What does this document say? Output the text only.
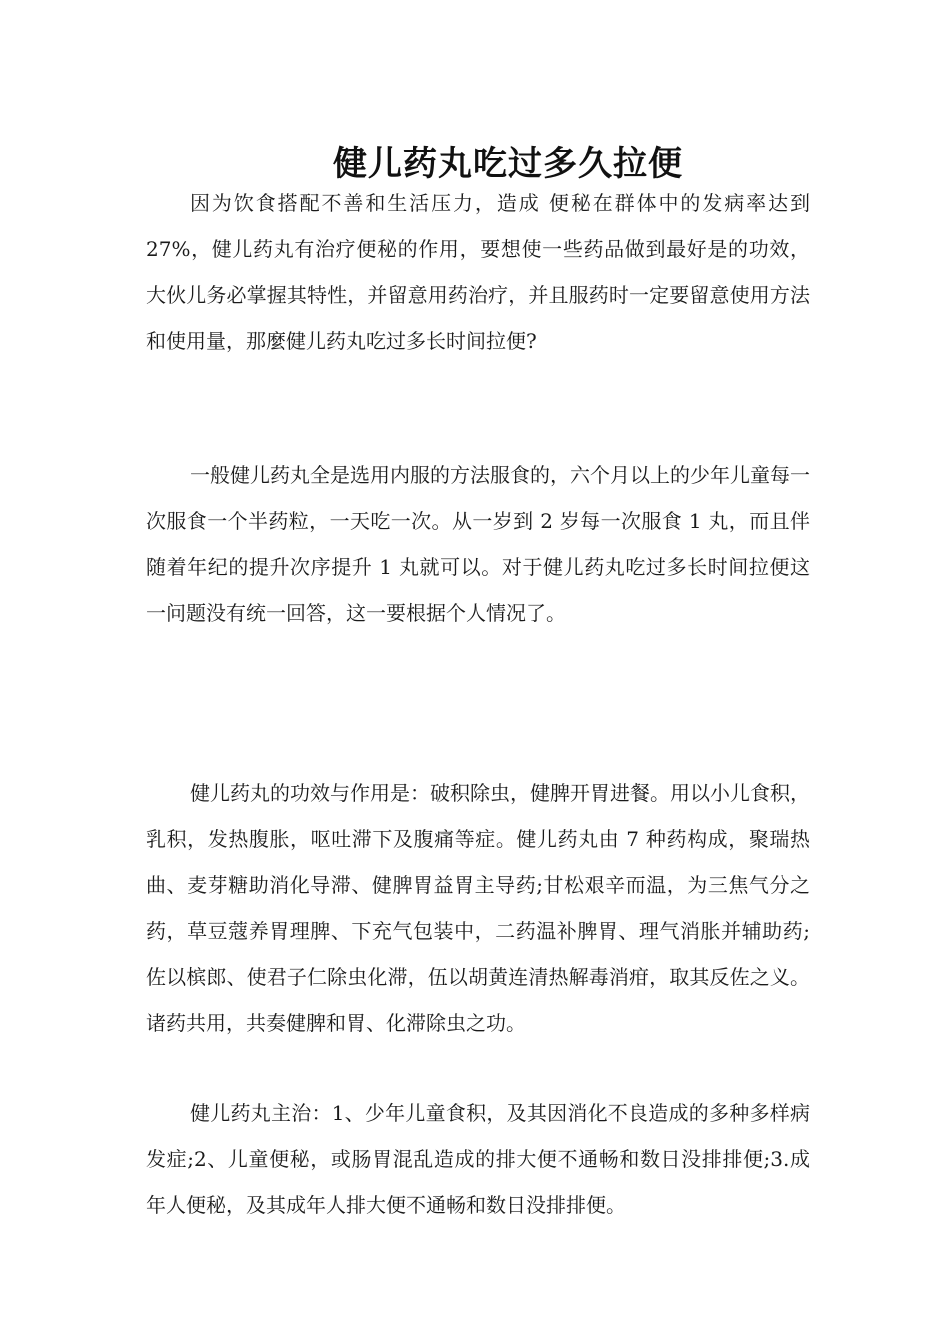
健儿药丸吃过多久拉便

因为饮食搭配不善和生活压力，造成 便秘在群体中的发病率达到 27%，健儿药丸有治疗便秘的作用，要想使一些药品做到最好是的功效，大伙儿务必掌握其特性，并留意用药治疗，并且服药时一定要留意使用方法和使用量，那麼健儿药丸吃过多长时间拉便?

一般健儿药丸全是选用内服的方法服食的，六个月以上的少年儿童每一次服食一个半药粒，一天吃一次。从一岁到 2 岁每一次服食 1 丸，而且伴随着年纪的提升次序提升 1 丸就可以。对于健儿药丸吃过多长时间拉便这一问题没有统一回答，这一要根据个人情况了。

健儿药丸的功效与作用是：破积除虫，健脾开胃进餐。用以小儿食积，乳积，发热腹胀，呕吐滞下及腹痛等症。健儿药丸由 7 种药构成，聚瑞热曲、麦芽糖助消化导滞、健脾胃益胃主导药;甘松艰辛而温，为三焦气分之药，草豆蔻养胃理脾、下充气包装中，二药温补脾胃、理气消胀并辅助药;佐以槟郎、使君子仁除虫化滞，伍以胡黄连清热解毒消疳，取其反佐之义。诸药共用，共奏健脾和胃、化滞除虫之功。

健儿药丸主治：1、少年儿童食积，及其因消化不良造成的多种多样病发症;2、儿童便秘，或肠胃混乱造成的排大便不通畅和数日没排排便;3.成年人便秘，及其成年人排大便不通畅和数日没排排便。
